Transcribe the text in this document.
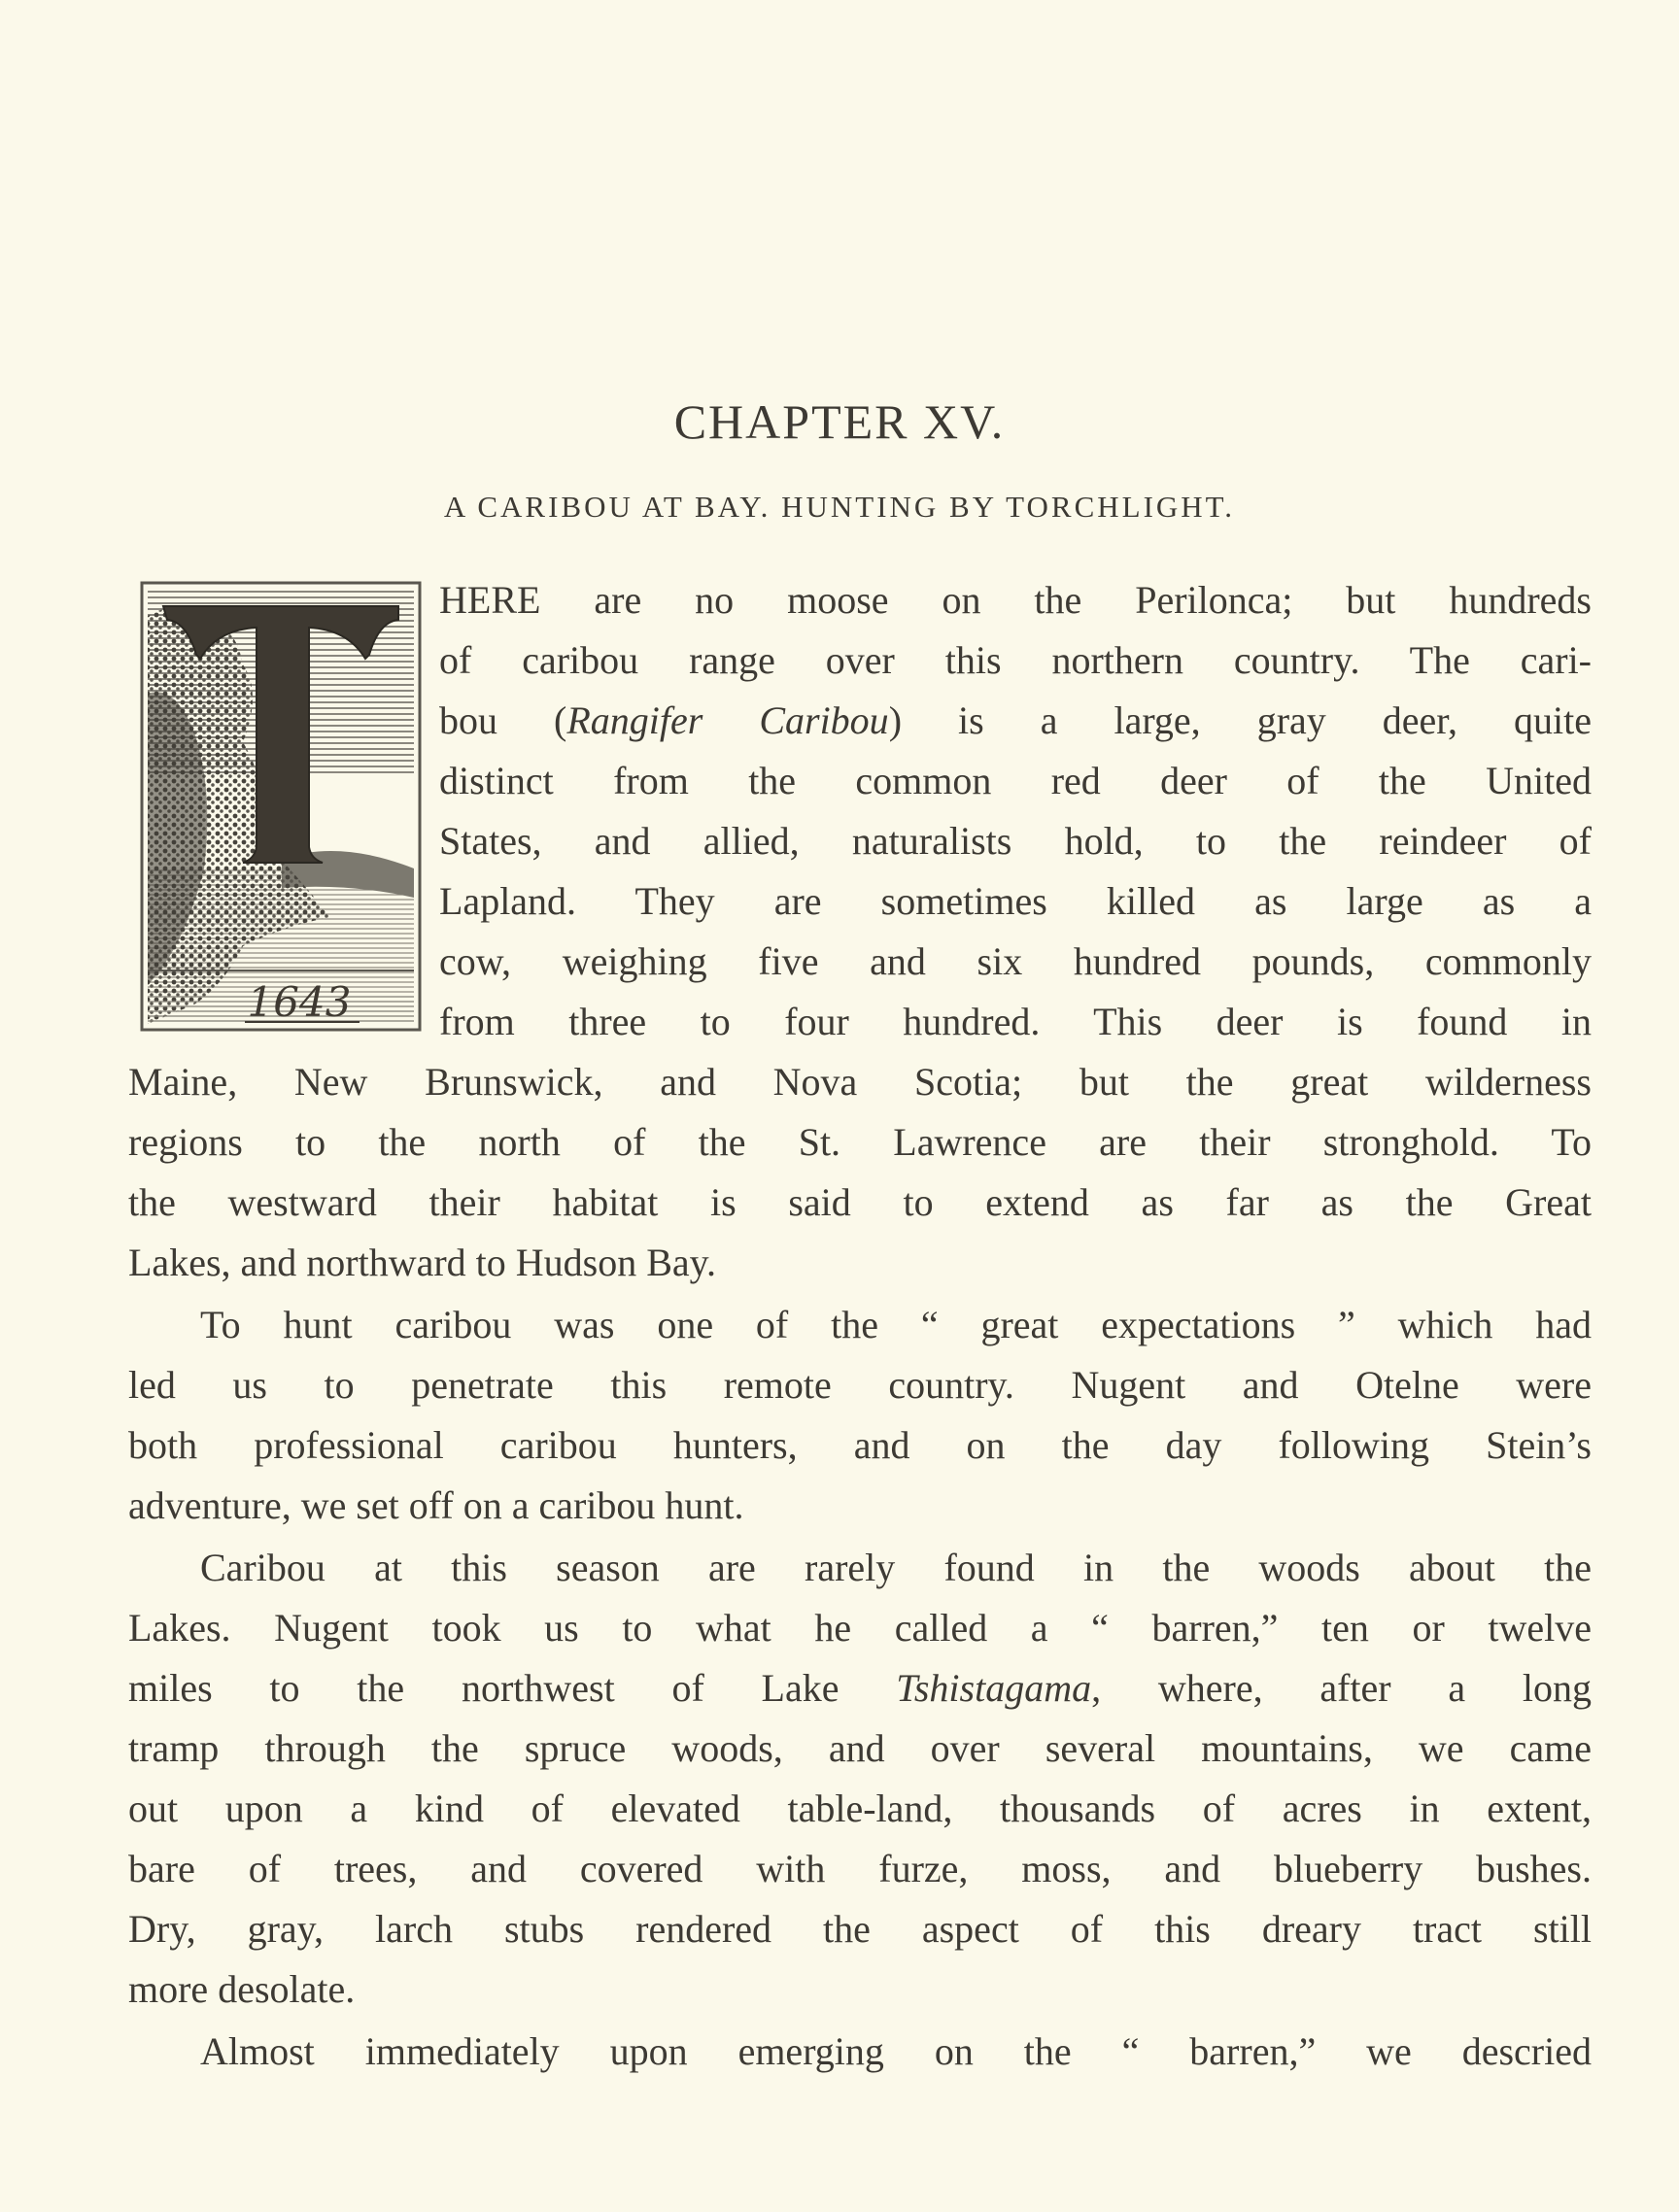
CHAPTER XV.
A CARIBOU AT BAY. HUNTING BY TORCHLIGHT.
1643

HERE are no moose on the Perilonca; but hundreds

of caribou range over this northern country. The cari-

bou (Rangifer Caribou) is a large, gray deer, quite

distinct from the common red deer of the United

States, and allied, naturalists hold, to the reindeer of

Lapland. They are sometimes killed as large as a

cow, weighing five and six hundred pounds, commonly

from three to four hundred. This deer is found in

Maine, New Brunswick, and Nova Scotia; but the great wilderness

regions to the north of the St. Lawrence are their stronghold. To

the westward their habitat is said to extend as far as the Great

Lakes, and northward to Hudson Bay.

To hunt caribou was one of the “ great expectations ” which had

led us to penetrate this remote country. Nugent and Otelne were

both professional caribou hunters, and on the day following Stein’s

adventure, we set off on a caribou hunt.

Caribou at this season are rarely found in the woods about the

Lakes. Nugent took us to what he called a “ barren,” ten or twelve

miles to the northwest of Lake Tshistagama, where, after a long

tramp through the spruce woods, and over several mountains, we came

out upon a kind of elevated table-land, thousands of acres in extent,

bare of trees, and covered with furze, moss, and blueberry bushes.

Dry, gray, larch stubs rendered the aspect of this dreary tract still

more desolate.

Almost immediately upon emerging on the “ barren,” we descried
